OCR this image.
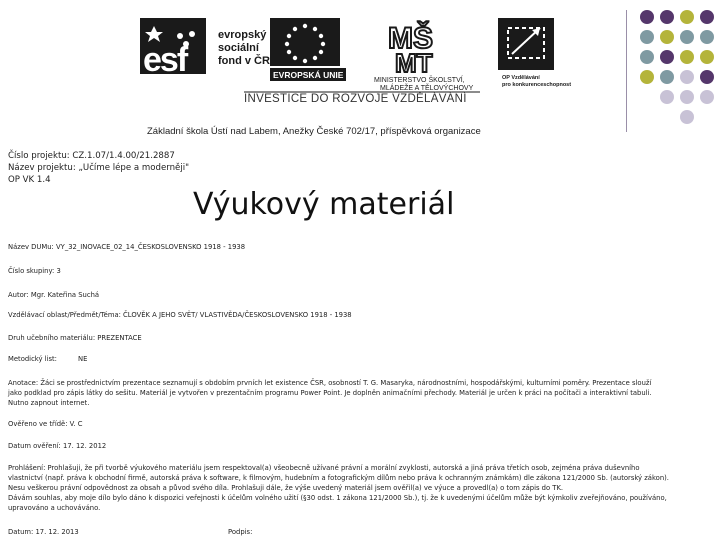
esf
evropský
sociální
fond v ČR
EVROPSKÁ UNIE
MŠ
MT
MINISTERSTVO ŠKOLSTVÍ,
MLÁDEŽE A TĚLOVÝCHOVY
OP Vzdělávání
pro konkurenceschopnost
INVESTICE DO ROZVOJE VZDĚLÁVÁNÍ
Základní škola Ústí nad Labem, Anežky České 702/17, příspěvková organizace
Číslo projektu: CZ.1.07/1.4.00/21.2887
Název projektu: „Učíme lépe a moderněji"
OP VK 1.4
Výukový materiál
Název DUMu: VY_32_INOVACE_02_14_ČESKOSLOVENSKO 1918 - 1938
Číslo skupiny: 3
Autor: Mgr. Kateřina Suchá
Vzdělávací oblast/Předmět/Téma: ČLOVĚK A JEHO SVĚT/ VLASTIVĚDA/ČESKOSLOVENSKO 1918 - 1938
Druh učebního materiálu: PREZENTACE
Metodický list:	NE
Anotace: Žáci se prostřednictvím prezentace seznamují s obdobím prvních let existence ČSR, osobností T. G. Masaryka, národnostními, hospodářskými, kulturními poměry. Prezentace slouží
jako podklad pro zápis látky do sešitu. Materiál je vytvořen v prezentačním programu Power Point. Je doplněn animačními přechody. Materiál je určen k práci na počítači a interaktivní tabuli.
Nutno zapnout internet.
Ověřeno ve třídě: V. C
Datum ověření: 17. 12. 2012
Prohlášení: Prohlašuji, že při tvorbě výukového materiálu jsem respektoval(a) všeobecně užívané právní a morální zvyklosti, autorská a jiná práva třetích osob, zejména práva duševního
vlastnictví (např. práva k obchodní firmě, autorská práva k software, k filmovým, hudebním a fotografickým dílům nebo práva k ochranným známkám) dle zákona 121/2000 Sb. (autorský zákon).
Nesu veškerou právní odpovědnost za obsah a původ svého díla. Prohlašuji dále, že výše uvedený materiál jsem ověřil(a) ve výuce a provedl(a) o tom zápis do TK.
Dávám souhlas, aby moje dílo bylo dáno k dispozici veřejnosti k účelům volného užití (§30 odst. 1 zákona 121/2000 Sb.), tj. že k uvedenými účelům může být kýmkoliv zveřejňováno, používáno,
upravováno a uchováváno.
Datum: 17. 12. 2013	Podpis:
